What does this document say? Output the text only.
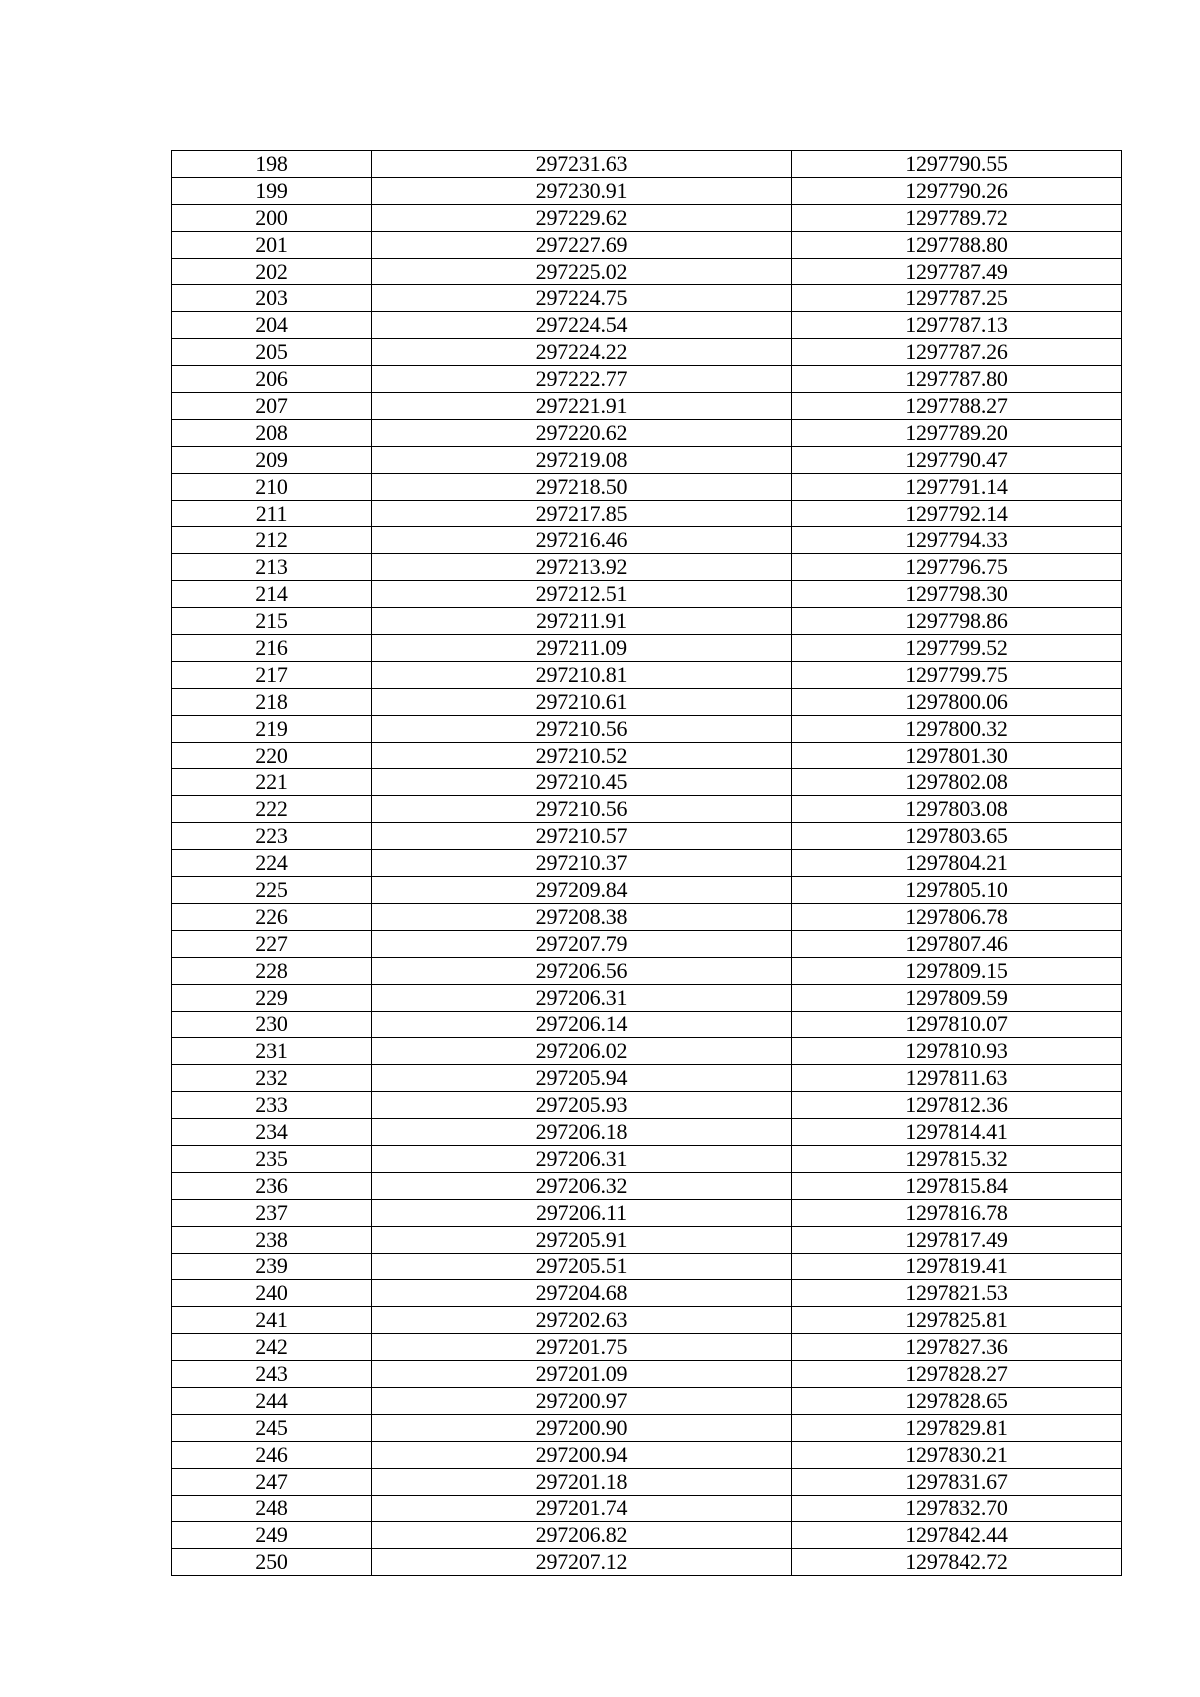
198	297231.63	1297790.55
199	297230.91	1297790.26
200	297229.62	1297789.72
201	297227.69	1297788.80
202	297225.02	1297787.49
203	297224.75	1297787.25
204	297224.54	1297787.13
205	297224.22	1297787.26
206	297222.77	1297787.80
207	297221.91	1297788.27
208	297220.62	1297789.20
209	297219.08	1297790.47
210	297218.50	1297791.14
211	297217.85	1297792.14
212	297216.46	1297794.33
213	297213.92	1297796.75
214	297212.51	1297798.30
215	297211.91	1297798.86
216	297211.09	1297799.52
217	297210.81	1297799.75
218	297210.61	1297800.06
219	297210.56	1297800.32
220	297210.52	1297801.30
221	297210.45	1297802.08
222	297210.56	1297803.08
223	297210.57	1297803.65
224	297210.37	1297804.21
225	297209.84	1297805.10
226	297208.38	1297806.78
227	297207.79	1297807.46
228	297206.56	1297809.15
229	297206.31	1297809.59
230	297206.14	1297810.07
231	297206.02	1297810.93
232	297205.94	1297811.63
233	297205.93	1297812.36
234	297206.18	1297814.41
235	297206.31	1297815.32
236	297206.32	1297815.84
237	297206.11	1297816.78
238	297205.91	1297817.49
239	297205.51	1297819.41
240	297204.68	1297821.53
241	297202.63	1297825.81
242	297201.75	1297827.36
243	297201.09	1297828.27
244	297200.97	1297828.65
245	297200.90	1297829.81
246	297200.94	1297830.21
247	297201.18	1297831.67
248	297201.74	1297832.70
249	297206.82	1297842.44
250	297207.12	1297842.72
